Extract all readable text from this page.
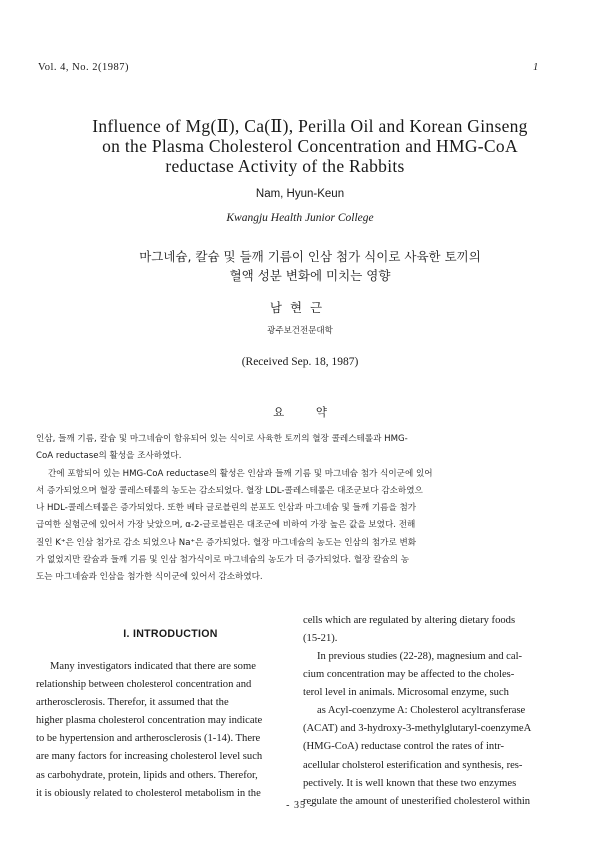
Vol. 4, No. 2(1987)	1
Influence of Mg(Ⅱ), Ca(Ⅱ), Perilla Oil and Korean Ginseng
on the Plasma Cholesterol Concentration and HMG-CoA
reductase Activity of the Rabbits
Nam, Hyun-Keun
Kwangju Health Junior College
마그네슘, 칼슘 및 들깨 기름이 인삼 첨가 식이로 사육한 토끼의
혈액 성분 변화에 미치는 영향
남현근
광주보건전문대학
(Received Sep. 18, 1987)
요 약
인삼, 들깨 기름, 칼슘 및 마그네슘이 함유되어 있는 식이로 사육한 토끼의 혈장 콜레스테롤과 HMG-
CoA reductase의 활성을 조사하였다.
간에 포함되어 있는 HMG-CoA reductase의 활성은 인삼과 들깨 기름 및 마그네슘 첨가 식이군에 있어
서 증가되었으며 혈장 콜레스테롤의 농도는 감소되었다. 혈장 LDL-콜레스테롤은 대조군보다 감소하였으
나 HDL-콜레스테롤은 증가되었다. 또한 베타 글로블린의 분포도 인삼과 마그네슘 및 들깨 기름을 첨가
급여한 실험군에 있어서 가장 낮았으며, α-2-글로블린은 대조군에 비하여 가장 높은 값을 보였다. 전해
질인 K⁺은 인삼 첨가로 감소 되었으나 Na⁺은 증가되었다. 혈장 마그네슘의 농도는 인삼의 첨가로 변화
가 없었지만 칼슘과 들깨 기름 및 인삼 첨가식이로 마그네슘의 농도가 더 증가되었다. 혈장 칼슘의 농
도는 마그네슘과 인삼을 첨가한 식이군에 있어서 감소하였다.
I. INTRODUCTION
Many investigators indicated that there are some
relationship between cholesterol concentration and
artherosclerosis. Therefor, it assumed that the
higher plasma cholesterol concentration may indicate
to be hypertension and artherosclerosis (1-14). There
are many factors for increasing cholesterol level such
as carbohydrate, protein, lipids and others. Therefor,
it is obiously related to cholesterol metabolism in the
cells which are regulated by altering dietary foods
(15-21).
In previous studies (22-28), magnesium and cal-
cium concentration may be affected to the choles-
terol level in animals. Microsomal enzyme, such
as Acyl-coenzyme A: Cholesterol acyltransferase
(ACAT) and 3-hydroxy-3-methylglutaryl-coenzymeA
(HMG-CoA) reductase control the rates of intr-
acellular cholsterol esterification and synthesis, res-
pectively. It is well known that these two enzymes
regulate the amount of unesterified cholesterol within
- 35 -
